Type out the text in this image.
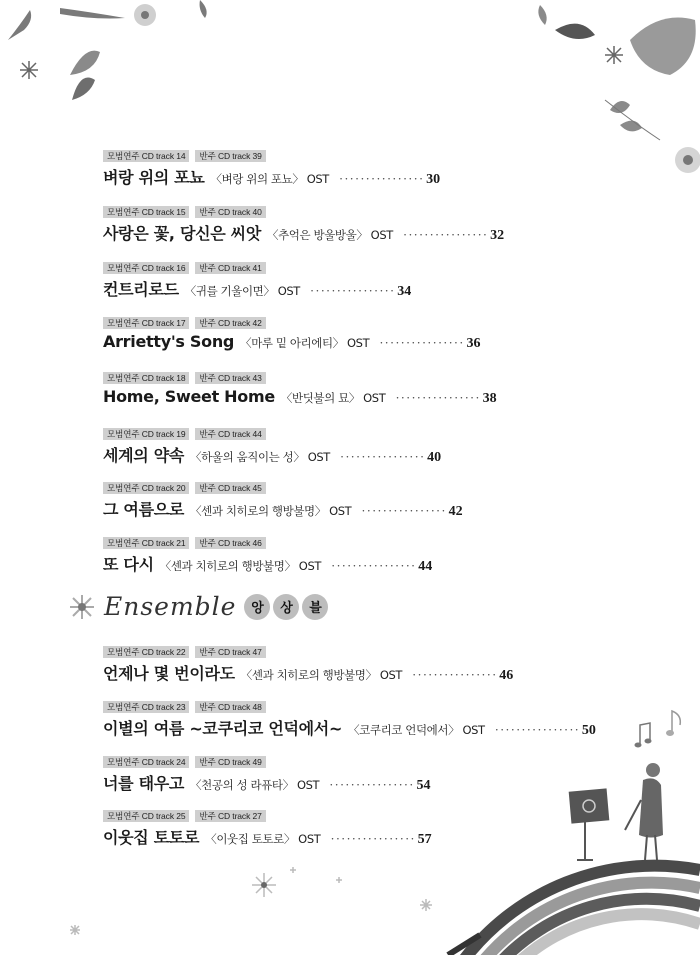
모범연주 CD track 14	반주 CD track 39
벼랑 위의 포뇨 〈벼랑 위의 포뇨〉 OST ················ 30
모범연주 CD track 15	반주 CD track 40
사랑은 꽃, 당신은 씨앗 〈추억은 방울방울〉 OST ················ 32
모범연주 CD track 16	반주 CD track 41
컨트리로드 〈귀를 기울이면〉 OST ················ 34
모범연주 CD track 17	반주 CD track 42
Arrietty's Song 〈마루 밑 아리에티〉 OST ················ 36
모범연주 CD track 18	반주 CD track 43
Home, Sweet Home 〈반딧불의 묘〉 OST ················ 38
모범연주 CD track 19	반주 CD track 44
세계의 약속 〈하울의 움직이는 성〉 OST ················ 40
모범연주 CD track 20	반주 CD track 45
그 여름으로 〈센과 치히로의 행방불명〉 OST ················ 42
모범연주 CD track 21	반주 CD track 46
또 다시 〈센과 치히로의 행방불명〉 OST ················ 44
Ensemble	앙	상	블
모범연주 CD track 22	반주 CD track 47
언제나 몇 번이라도 〈센과 치히로의 행방불명〉 OST ················ 46
모범연주 CD track 23	반주 CD track 48
이별의 여름 ~코쿠리코 언덕에서~ 〈코쿠리코 언덕에서〉 OST ················ 50
모범연주 CD track 24	반주 CD track 49
너를 태우고 〈천공의 성 라퓨타〉 OST ················ 54
모범연주 CD track 25	반주 CD track 27
이웃집 토토로 〈이웃집 토토로〉 OST ················ 57
